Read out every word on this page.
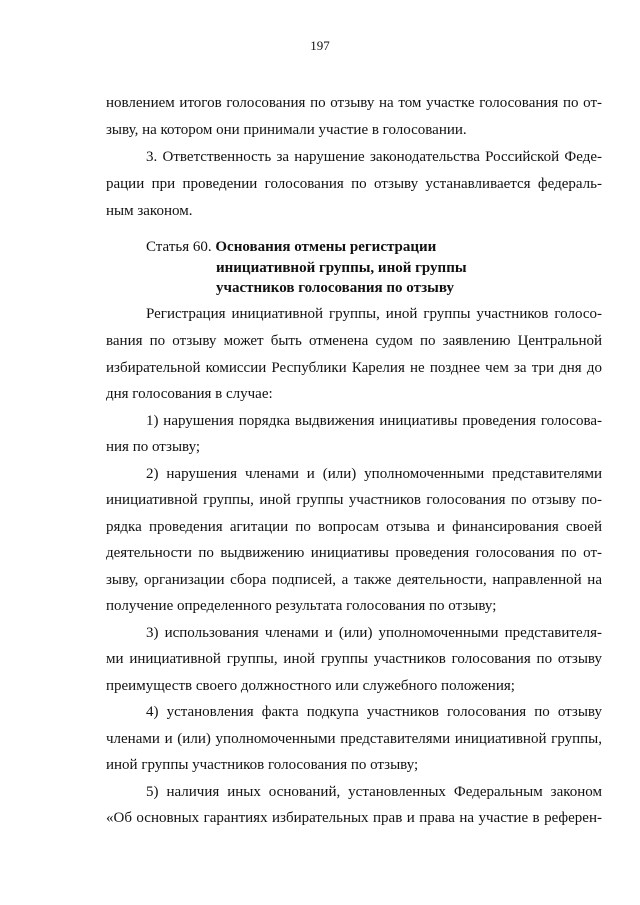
197
новлением итогов голосования по отзыву на том участке голосования по от-
зыву, на котором они принимали участие в голосовании.
3. Ответственность за нарушение законодательства Российской Феде-
рации при проведении голосования по отзыву устанавливается федераль-
ным законом.
Статья 60. Основания отмены регистрации
инициативной группы, иной группы
участников голосования по отзыву
Регистрация инициативной группы, иной группы участников голосо-
вания по отзыву может быть отменена судом по заявлению Центральной
избирательной комиссии Республики Карелия не позднее чем за три дня до
дня голосования в случае:
1) нарушения порядка выдвижения инициативы проведения голосова-
ния по отзыву;
2) нарушения членами и (или) уполномоченными представителями
инициативной группы, иной группы участников голосования по отзыву по-
рядка проведения агитации по вопросам отзыва и финансирования своей
деятельности по выдвижению инициативы проведения голосования по от-
зыву, организации сбора подписей, а также деятельности, направленной на
получение определенного результата голосования по отзыву;
3) использования членами и (или) уполномоченными представителя-
ми инициативной группы, иной группы участников голосования по отзыву
преимуществ своего должностного или служебного положения;
4) установления факта подкупа участников голосования по отзыву
членами и (или) уполномоченными представителями инициативной группы,
иной группы участников голосования по отзыву;
5) наличия иных оснований, установленных Федеральным законом
«Об основных гарантиях избирательных прав и права на участие в референ-
